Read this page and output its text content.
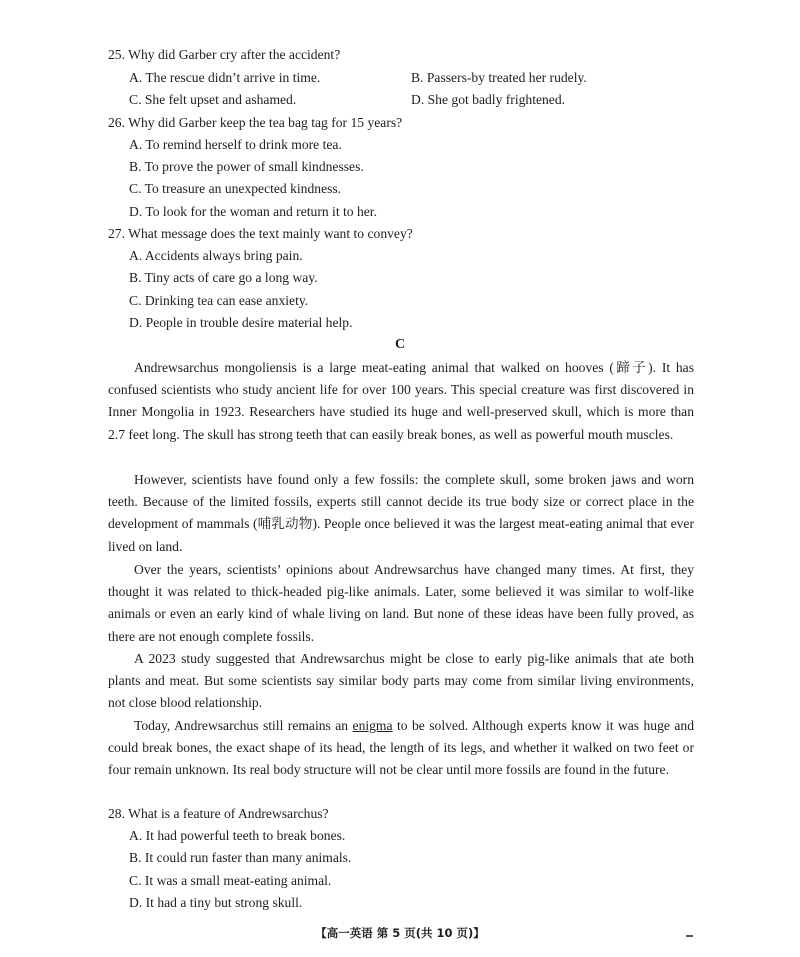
25. Why did Garber cry after the accident?
A. The rescue didn’t arrive in time.	B. Passers-by treated her rudely.
C. She felt upset and ashamed.	D. She got badly frightened.
26. Why did Garber keep the tea bag tag for 15 years?
A. To remind herself to drink more tea.
B. To prove the power of small kindnesses.
C. To treasure an unexpected kindness.
D. To look for the woman and return it to her.
27. What message does the text mainly want to convey?
A. Accidents always bring pain.
B. Tiny acts of care go a long way.
C. Drinking tea can ease anxiety.
D. People in trouble desire material help.
C

Andrewsarchus mongoliensis is a large meat-eating animal that walked on hooves (蹄子). It has confused scientists who study ancient life for over 100 years. This special creature was first discovered in Inner Mongolia in 1923. Researchers have studied its huge and well-preserved skull, which is more than 2.7 feet long. The skull has strong teeth that can easily break bones, as well as powerful mouth muscles.

However, scientists have found only a few fossils: the complete skull, some broken jaws and worn teeth. Because of the limited fossils, experts still cannot decide its true body size or correct place in the development of mammals (哺乳动物). People once believed it was the largest meat-eating animal that ever lived on land.

Over the years, scientists’ opinions about Andrewsarchus have changed many times. At first, they thought it was related to thick-headed pig-like animals. Later, some believed it was similar to wolf-like animals or even an early kind of whale living on land. But none of these ideas have been fully proved, as there are not enough complete fossils.

A 2023 study suggested that Andrewsarchus might be close to early pig-like animals that ate both plants and meat. But some scientists say similar body parts may come from similar living environments, not close blood relationship.

Today, Andrewsarchus still remains an enigma to be solved. Although experts know it was huge and could break bones, the exact shape of its head, the length of its legs, and whether it walked on two feet or four remain unknown. Its real body structure will not be clear until more fossils are found in the future.

28. What is a feature of Andrewsarchus?
A. It had powerful teeth to break bones.
B. It could run faster than many animals.
C. It was a small meat-eating animal.
D. It had a tiny but strong skull.
【高一英语 第 5 页(共 10 页)】
